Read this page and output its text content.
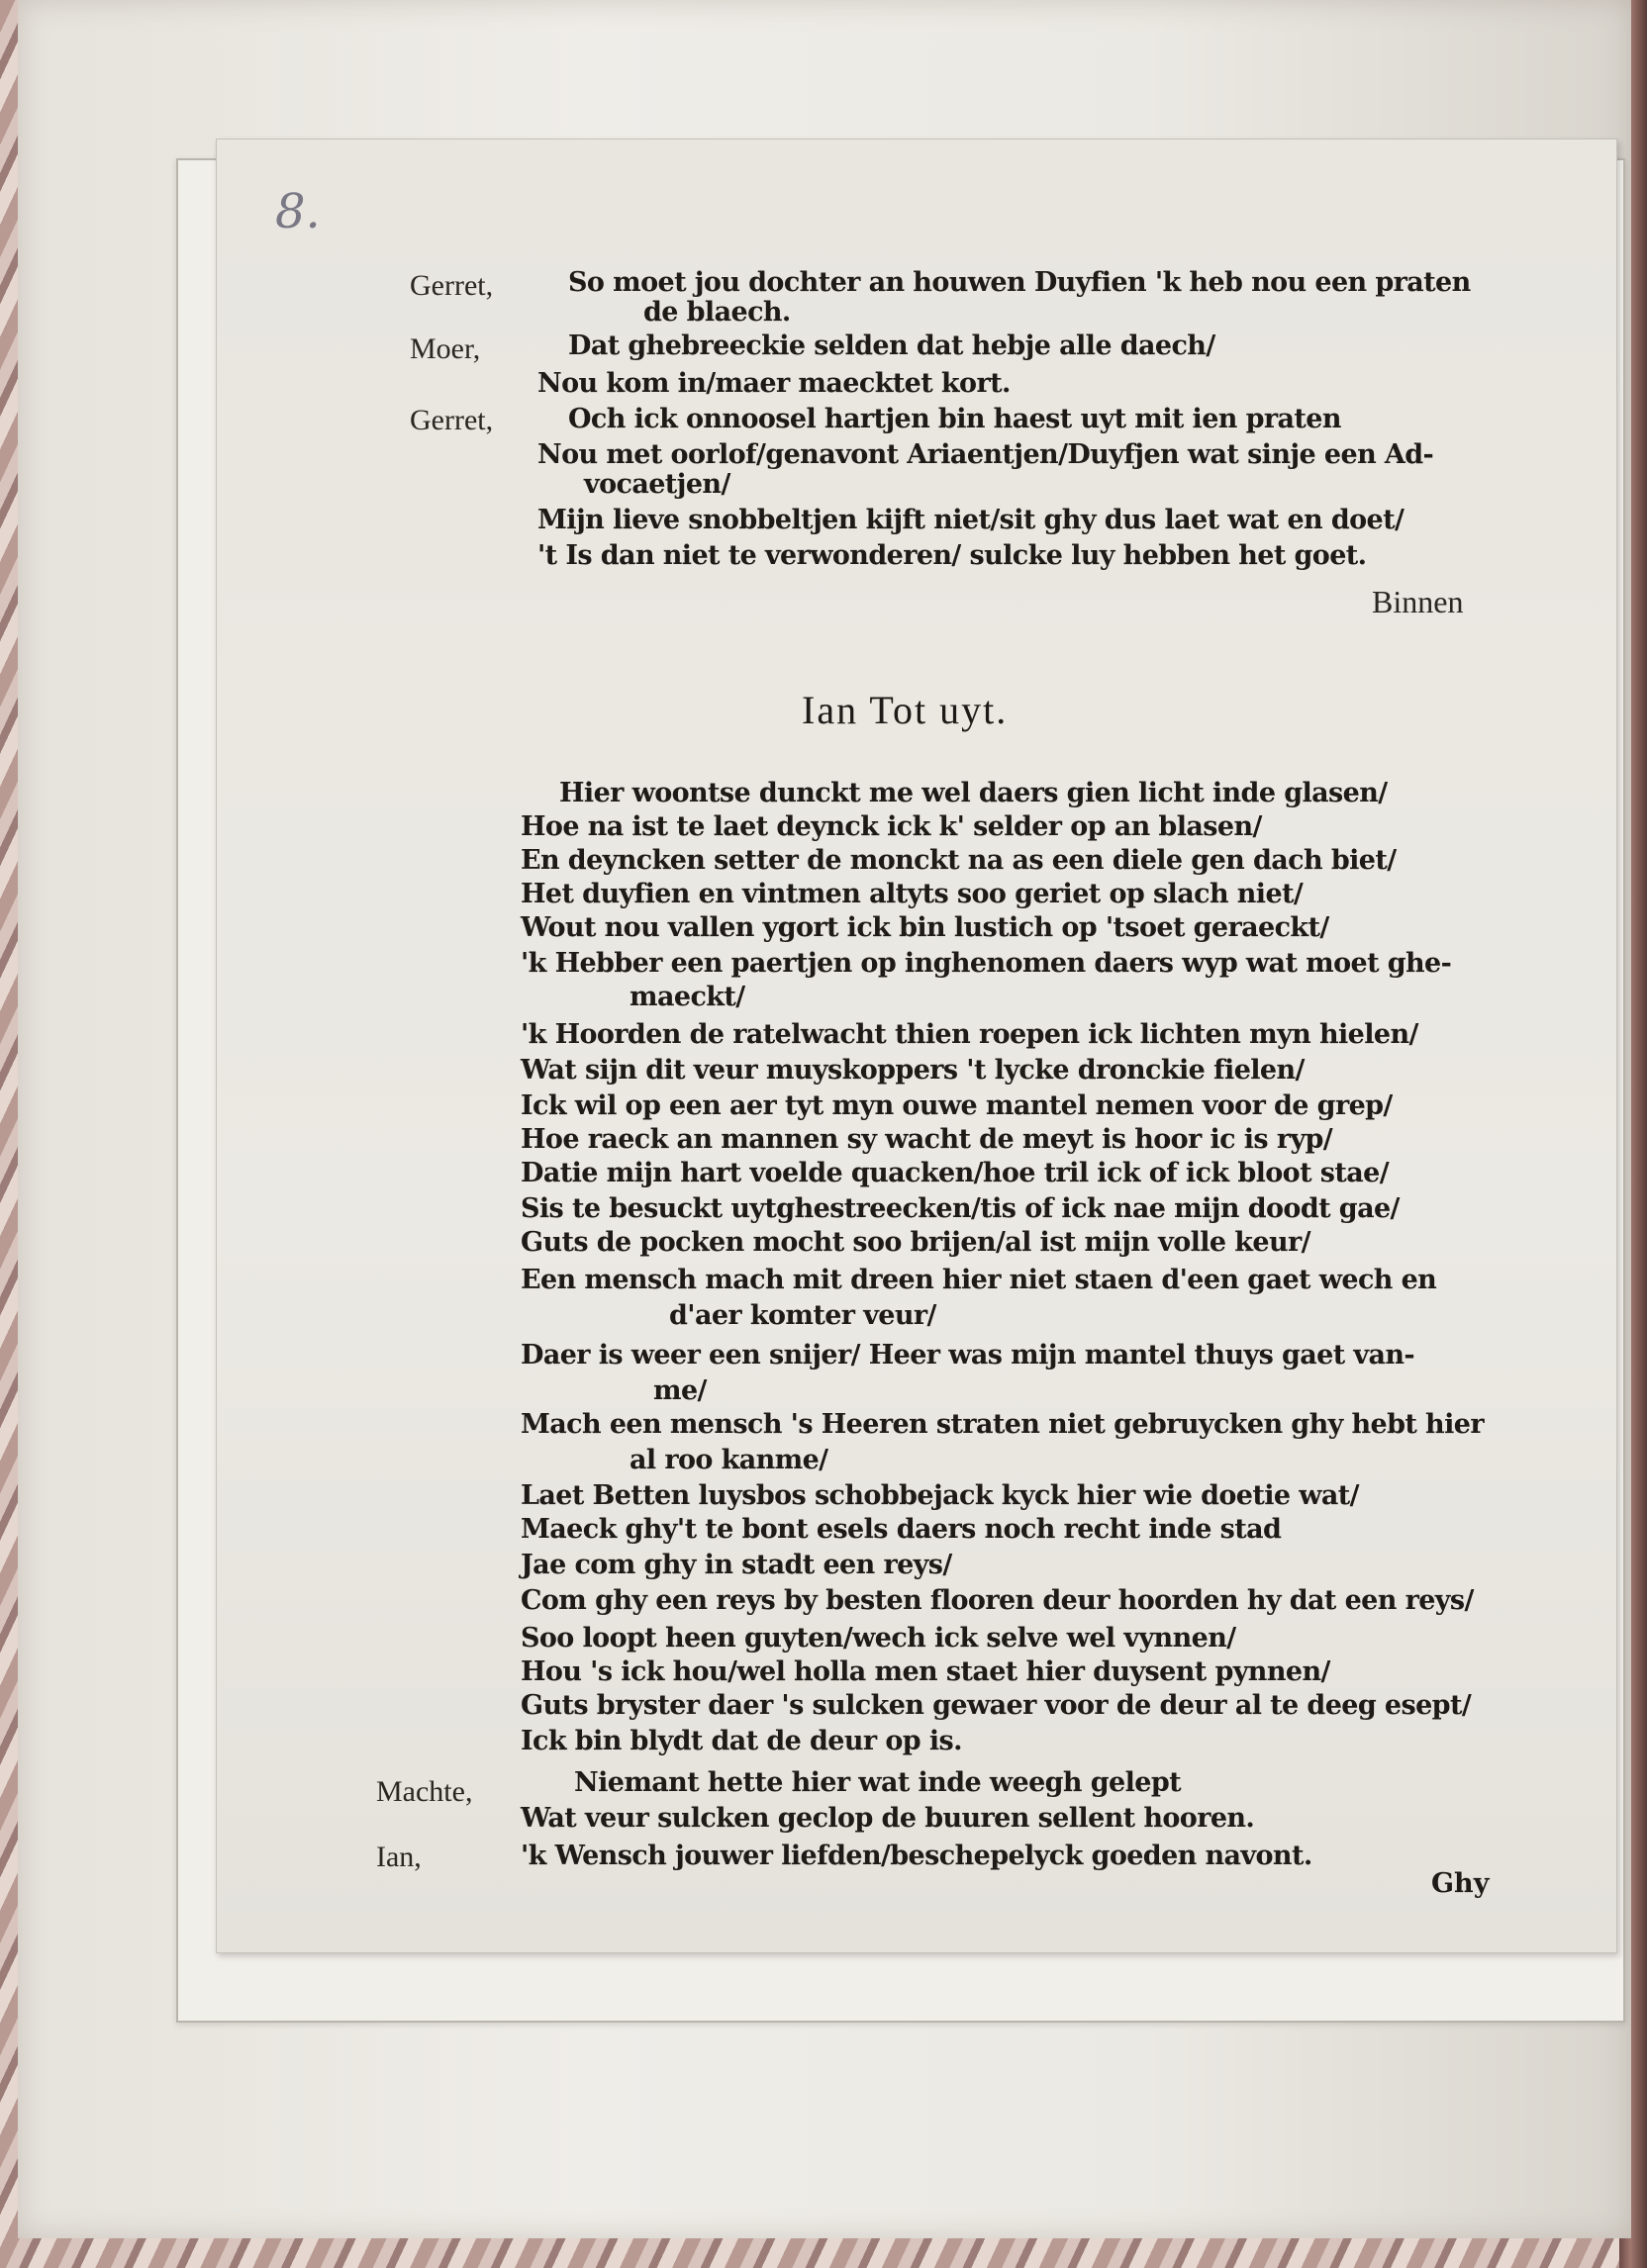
8.
Gerret,	So moet jou dochter an houwen Duyfien 'k heb nou een praten
de blaech.
Moer,	Dat ghebreeckie selden dat hebje alle daech/
Nou kom in/maer maecktet kort.
Gerret,	Och ick onnoosel hartjen bin haest uyt mit ien praten
Nou met oorlof/genavont Ariaentjen/Duyfjen wat sinje een Ad-
vocaetjen/
Mijn lieve snobbeltjen kijft niet/sit ghy dus laet wat en doet/
't Is dan niet te verwonderen/ sulcke luy hebben het goet.
Binnen
Ian Tot uyt.
Hier woontse dunckt me wel daers gien licht inde glasen/
Hoe na ist te laet deynck ick k' selder op an blasen/
En deyncken setter de monckt na as een diele gen dach biet/
Het duyfien en vintmen altyts soo geriet op slach niet/
Wout nou vallen ygort ick bin lustich op 'tsoet geraeckt/
'k Hebber een paertjen op inghenomen daers wyp wat moet ghe-
maeckt/
'k Hoorden de ratelwacht thien roepen ick lichten myn hielen/
Wat sijn dit veur muyskoppers 't lycke dronckie fielen/
Ick wil op een aer tyt myn ouwe mantel nemen voor de grep/
Hoe raeck an mannen sy wacht de meyt is hoor ic is ryp/
Datie mijn hart voelde quacken/hoe tril ick of ick bloot stae/
Sis te besuckt uytghestreecken/tis of ick nae mijn doodt gae/
Guts de pocken mocht soo brijen/al ist mijn volle keur/
Een mensch mach mit dreen hier niet staen d'een gaet wech en
d'aer komter veur/
Daer is weer een snijer/ Heer was mijn mantel thuys gaet van-
me/
Mach een mensch 's Heeren straten niet gebruycken ghy hebt hier
al roo kanme/
Laet Betten luysbos schobbejack kyck hier wie doetie wat/
Maeck ghy't te bont esels daers noch recht inde stad
Jae com ghy in stadt een reys/
Com ghy een reys by besten flooren deur hoorden hy dat een reys/
Soo loopt heen guyten/wech ick selve wel vynnen/
Hou 's ick hou/wel holla men staet hier duysent pynnen/
Guts bryster daer 's sulcken gewaer voor de deur al te deeg esept/
Ick bin blydt dat de deur op is.
Machte,	Niemant hette hier wat inde weegh gelept
Wat veur sulcken geclop de buuren sellent hooren.
Ian,	'k Wensch jouwer liefden/beschepelyck goeden navont.
Ghy
